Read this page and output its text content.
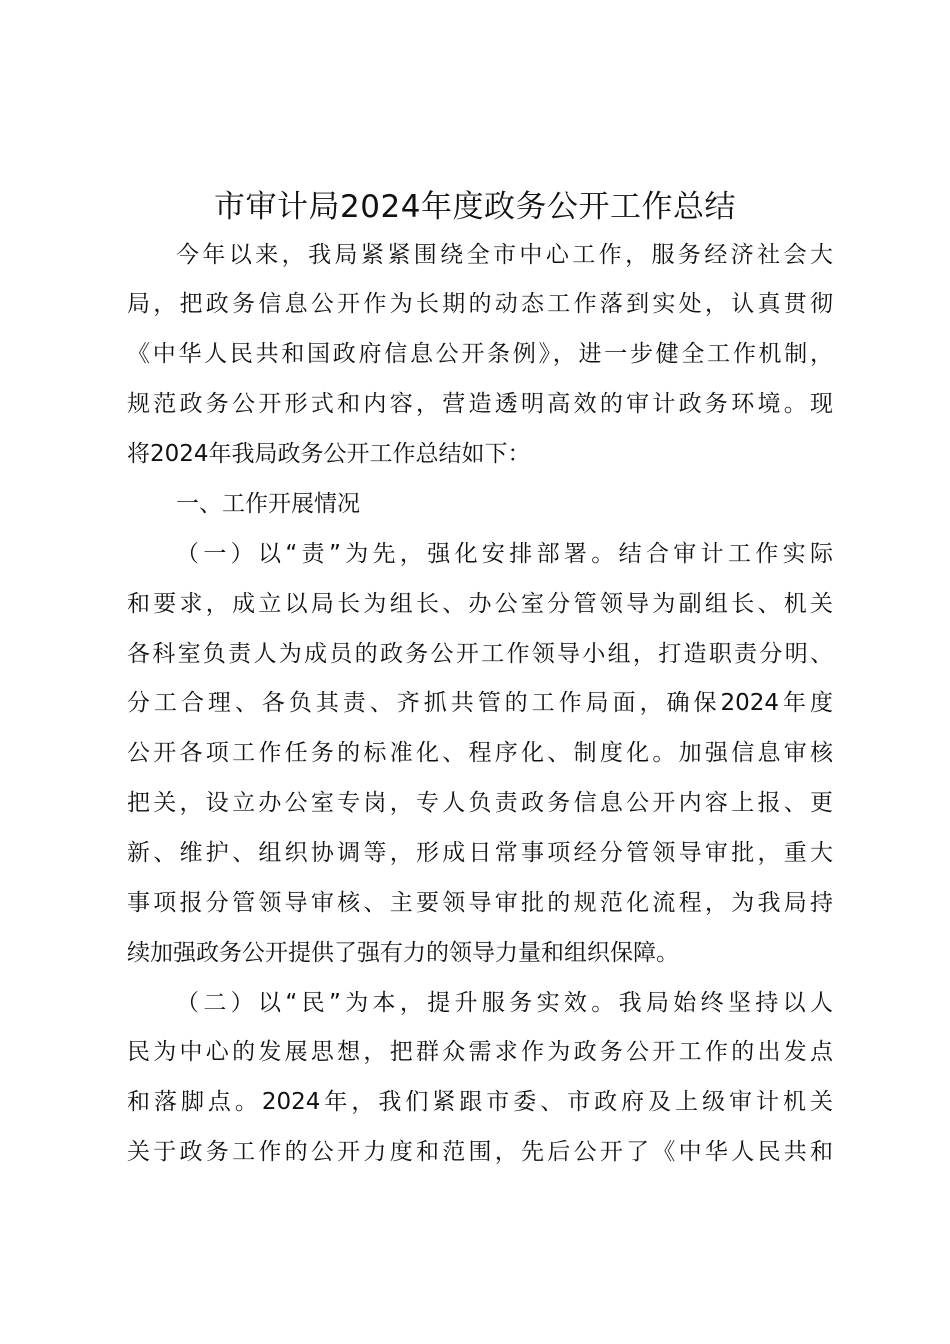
市审计局2024年度政务公开工作总结
今年以来，我局紧紧围绕全市中心工作，服务经济社会大
局，把政务信息公开作为长期的动态工作落到实处，认真贯彻
《中华人民共和国政府信息公开条例》，进一步健全工作机制，
规范政务公开形式和内容，营造透明高效的审计政务环境。现
将2024年我局政务公开工作总结如下：
一、工作开展情况
（一）以“责”为先，强化安排部署。结合审计工作实际
和要求，成立以局长为组长、办公室分管领导为副组长、机关
各科室负责人为成员的政务公开工作领导小组，打造职责分明、
分工合理、各负其责、齐抓共管的工作局面，确保2024年度
公开各项工作任务的标准化、程序化、制度化。加强信息审核
把关，设立办公室专岗，专人负责政务信息公开内容上报、更
新、维护、组织协调等，形成日常事项经分管领导审批，重大
事项报分管领导审核、主要领导审批的规范化流程，为我局持
续加强政务公开提供了强有力的领导力量和组织保障。
（二）以“民”为本，提升服务实效。我局始终坚持以人
民为中心的发展思想，把群众需求作为政务公开工作的出发点
和落脚点。2024年，我们紧跟市委、市政府及上级审计机关
关于政务工作的公开力度和范围，先后公开了《中华人民共和
